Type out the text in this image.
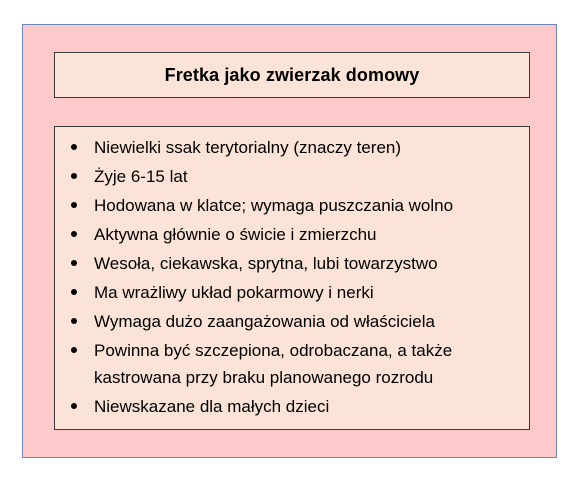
Fretka jako zwierzak domowy
Niewielki ssak terytorialny (znaczy teren)
Żyje 6-15 lat
Hodowana w klatce; wymaga puszczania wolno
Aktywna głównie o świcie i zmierzchu
Wesoła, ciekawska, sprytna, lubi towarzystwo
Ma wrażliwy układ pokarmowy i nerki
Wymaga dużo zaangażowania od właściciela
Powinna być szczepiona, odrobaczana, a także
kastrowana przy braku planowanego rozrodu
Niewskazane dla małych dzieci
